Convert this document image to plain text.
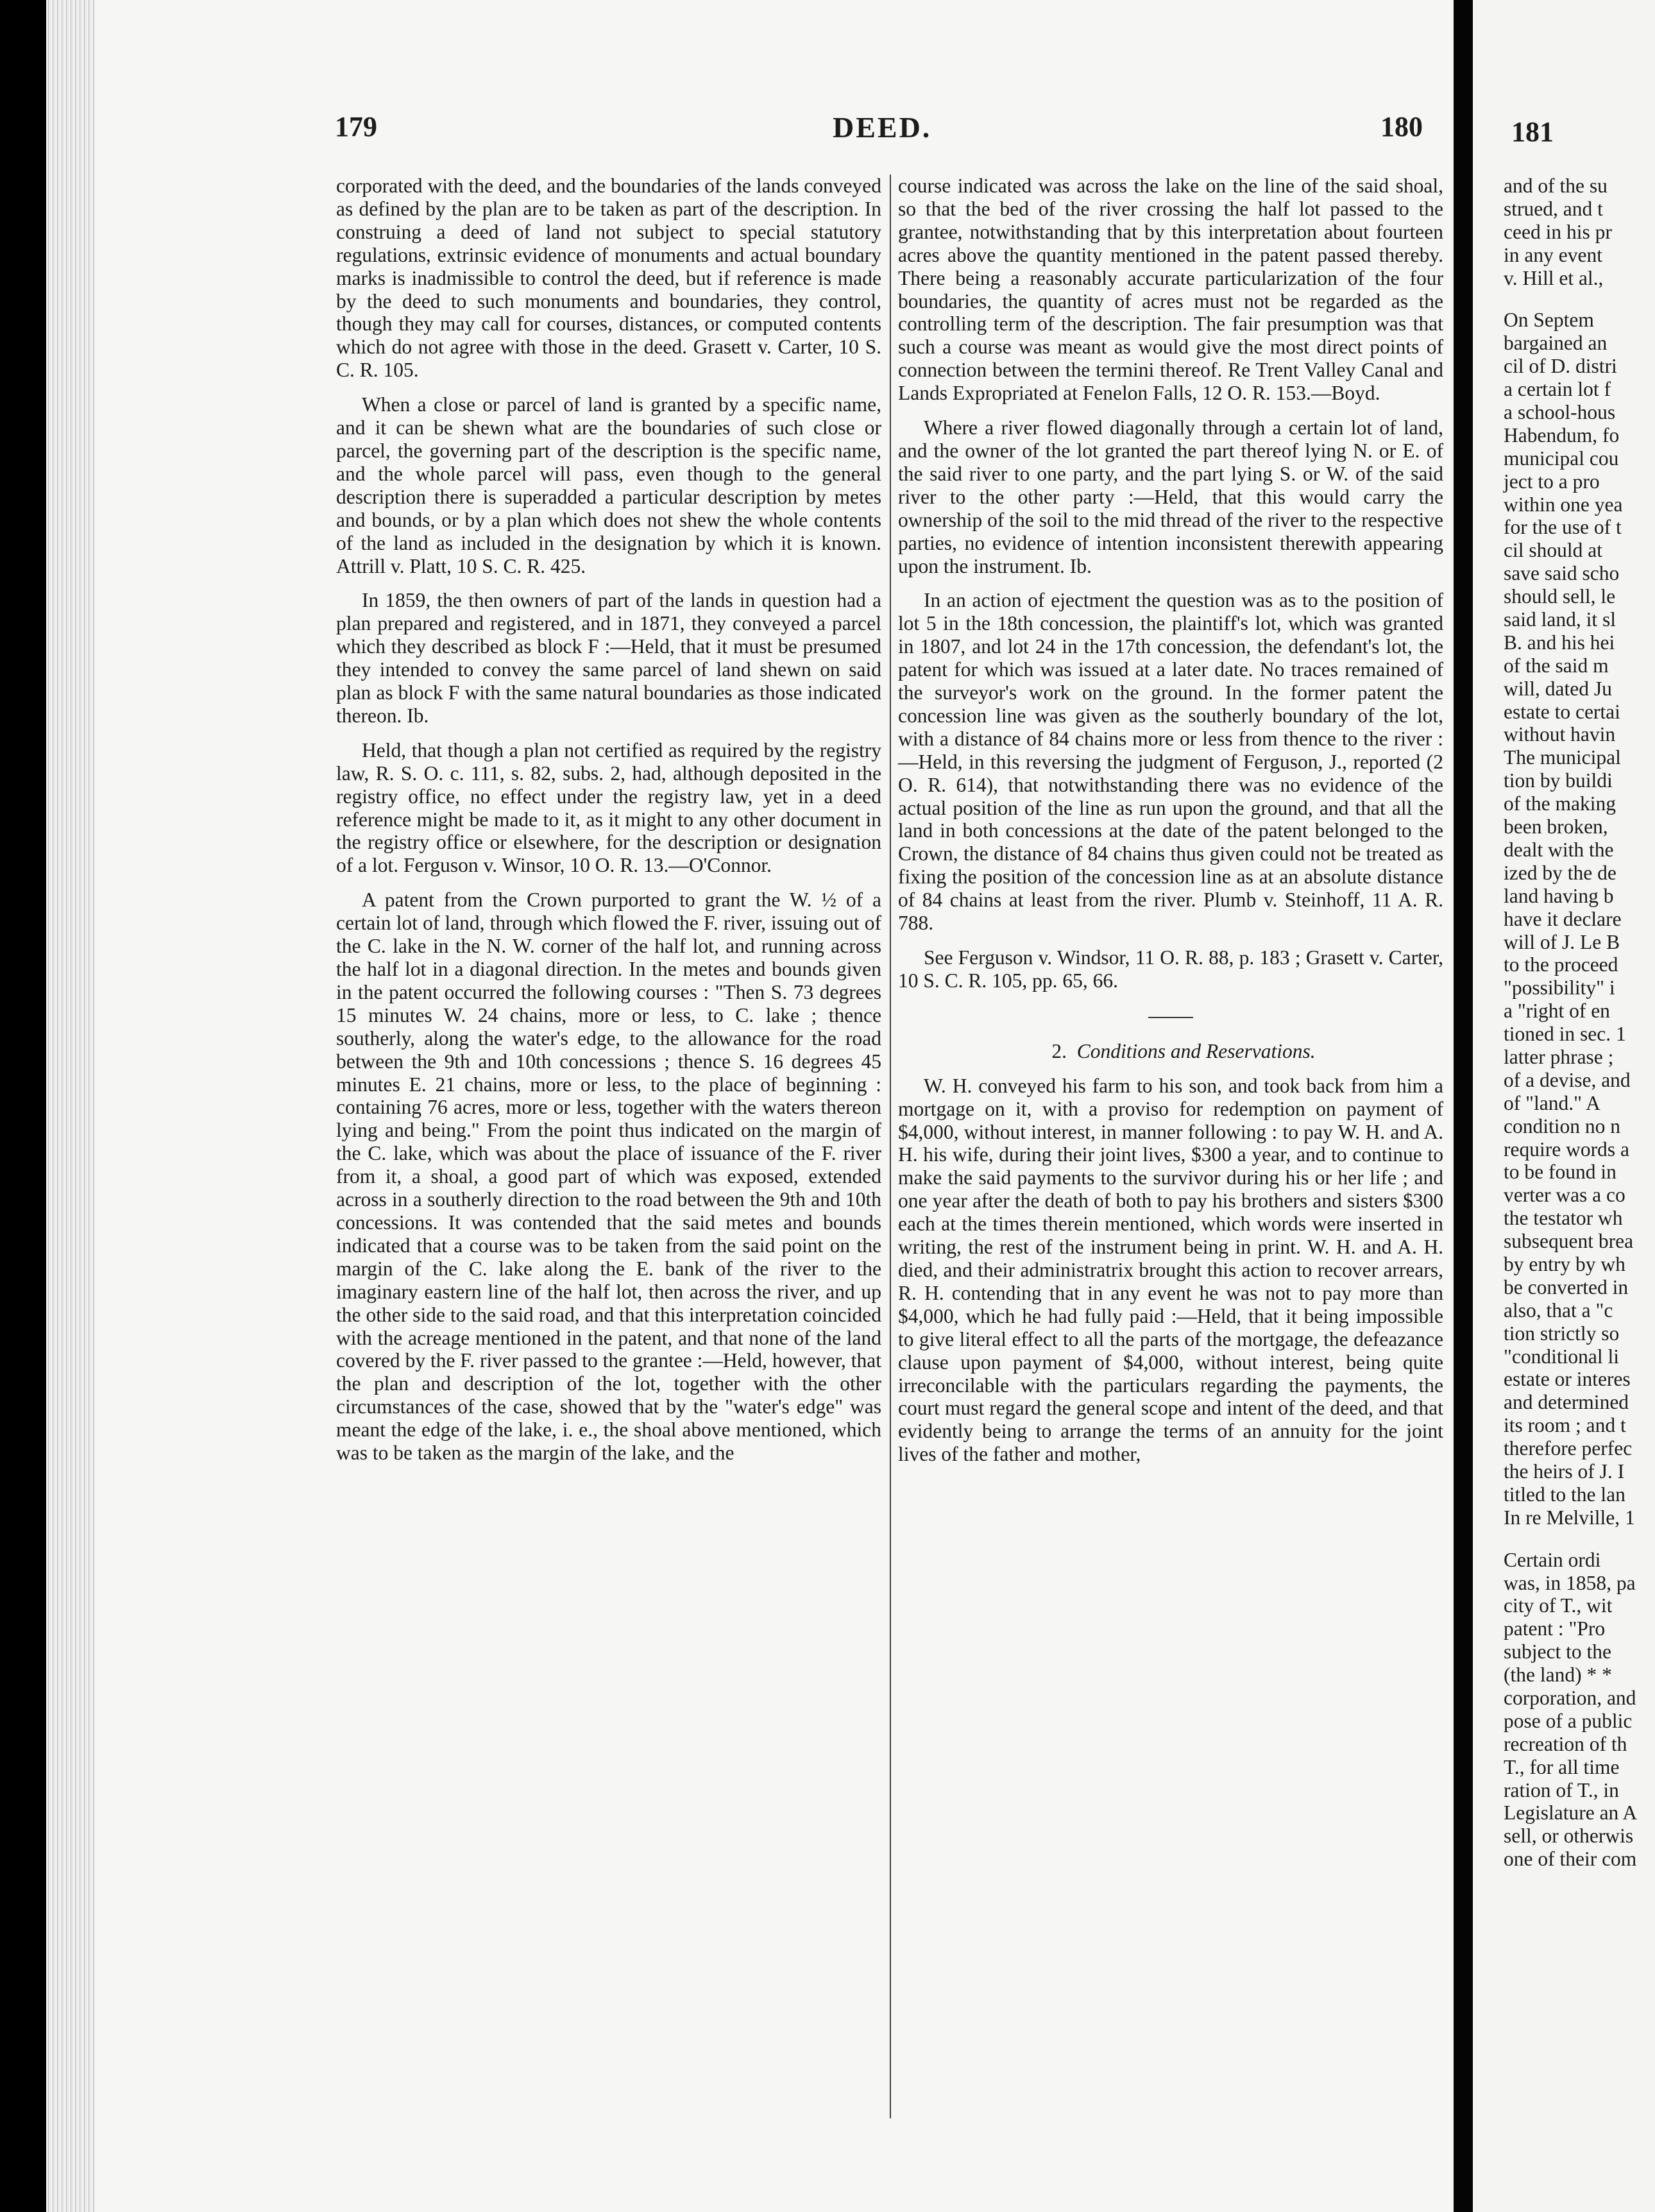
179	DEED.	180

corporated with the deed, and the boundaries of the lands conveyed as defined by the plan are to be taken as part of the description. In construing a deed of land not subject to special statutory regulations, extrinsic evidence of monuments and actual boundary marks is inadmissible to control the deed, but if reference is made by the deed to such monuments and boundaries, they control, though they may call for courses, distances, or computed contents which do not agree with those in the deed. Grasett v. Carter, 10 S. C. R. 105.

When a close or parcel of land is granted by a specific name, and it can be shewn what are the boundaries of such close or parcel, the governing part of the description is the specific name, and the whole parcel will pass, even though to the general description there is superadded a particular description by metes and bounds, or by a plan which does not shew the whole contents of the land as included in the designation by which it is known. Attrill v. Platt, 10 S. C. R. 425.

In 1859, the then owners of part of the lands in question had a plan prepared and registered, and in 1871, they conveyed a parcel which they described as block F :—Held, that it must be presumed they intended to convey the same parcel of land shewn on said plan as block F with the same natural boundaries as those indicated thereon. Ib.

Held, that though a plan not certified as required by the registry law, R. S. O. c. 111, s. 82, subs. 2, had, although deposited in the registry office, no effect under the registry law, yet in a deed reference might be made to it, as it might to any other document in the registry office or elsewhere, for the description or designation of a lot. Ferguson v. Winsor, 10 O. R. 13.—O'Connor.

A patent from the Crown purported to grant the W. ½ of a certain lot of land, through which flowed the F. river, issuing out of the C. lake in the N. W. corner of the half lot, and running across the half lot in a diagonal direction. In the metes and bounds given in the patent occurred the following courses : "Then S. 73 degrees 15 minutes W. 24 chains, more or less, to C. lake ; thence southerly, along the water's edge, to the allowance for the road between the 9th and 10th concessions ; thence S. 16 degrees 45 minutes E. 21 chains, more or less, to the place of beginning : containing 76 acres, more or less, together with the waters thereon lying and being." From the point thus indicated on the margin of the C. lake, which was about the place of issuance of the F. river from it, a shoal, a good part of which was exposed, extended across in a southerly direction to the road between the 9th and 10th concessions. It was contended that the said metes and bounds indicated that a course was to be taken from the said point on the margin of the C. lake along the E. bank of the river to the imaginary eastern line of the half lot, then across the river, and up the other side to the said road, and that this interpretation coincided with the acreage mentioned in the patent, and that none of the land covered by the F. river passed to the grantee :—Held, however, that the plan and description of the lot, together with the other circumstances of the case, showed that by the "water's edge" was meant the edge of the lake, i. e., the shoal above mentioned, which was to be taken as the margin of the lake, and the

course indicated was across the lake on the line of the said shoal, so that the bed of the river crossing the half lot passed to the grantee, notwithstanding that by this interpretation about fourteen acres above the quantity mentioned in the patent passed thereby. There being a reasonably accurate particularization of the four boundaries, the quantity of acres must not be regarded as the controlling term of the description. The fair presumption was that such a course was meant as would give the most direct points of connection between the termini thereof. Re Trent Valley Canal and Lands Expropriated at Fenelon Falls, 12 O. R. 153.—Boyd.

Where a river flowed diagonally through a certain lot of land, and the owner of the lot granted the part thereof lying N. or E. of the said river to one party, and the part lying S. or W. of the said river to the other party :—Held, that this would carry the ownership of the soil to the mid thread of the river to the respective parties, no evidence of intention inconsistent therewith appearing upon the instrument. Ib.

In an action of ejectment the question was as to the position of lot 5 in the 18th concession, the plaintiff's lot, which was granted in 1807, and lot 24 in the 17th concession, the defendant's lot, the patent for which was issued at a later date. No traces remained of the surveyor's work on the ground. In the former patent the concession line was given as the southerly boundary of the lot, with a distance of 84 chains more or less from thence to the river :—Held, in this reversing the judgment of Ferguson, J., reported (2 O. R. 614), that notwithstanding there was no evidence of the actual position of the line as run upon the ground, and that all the land in both concessions at the date of the patent belonged to the Crown, the distance of 84 chains thus given could not be treated as fixing the position of the concession line as at an absolute distance of 84 chains at least from the river. Plumb v. Steinhoff, 11 A. R. 788.

See Ferguson v. Windsor, 11 O. R. 88, p. 183 ; Grasett v. Carter, 10 S. C. R. 105, pp. 65, 66.

2. Conditions and Reservations.

W. H. conveyed his farm to his son, and took back from him a mortgage on it, with a proviso for redemption on payment of $4,000, without interest, in manner following : to pay W. H. and A. H. his wife, during their joint lives, $300 a year, and to continue to make the said payments to the survivor during his or her life ; and one year after the death of both to pay his brothers and sisters $300 each at the times therein mentioned, which words were inserted in writing, the rest of the instrument being in print. W. H. and A. H. died, and their administratrix brought this action to recover arrears, R. H. contending that in any event he was not to pay more than $4,000, which he had fully paid :—Held, that it being impossible to give literal effect to all the parts of the mortgage, the defeazance clause upon payment of $4,000, without interest, being quite irreconcilable with the particulars regarding the payments, the court must regard the general scope and intent of the deed, and that evidently being to arrange the terms of an annuity for the joint lives of the father and mother,

181
and of the su
strued, and t
ceed in his pr
in any event
v. Hill et al.,
On Septem
bargained an
cil of D. distri
a certain lot f
a school-hous
Habendum, fo
municipal cou
ject to a pro
within one yea
for the use of t
cil should at
save said scho
should sell, le
said land, it sl
B. and his hei
of the said m
will, dated Ju
estate to certai
without havin
The municipal
tion by buildi
of the making
been broken,
dealt with the
ized by the de
land having b
have it declare
will of J. Le B
to the proceed
"possibility" i
a "right of en
tioned in sec. 1
latter phrase ;
of a devise, and
of "land." A
condition no n
require words a
to be found in
verter was a co
the testator wh
subsequent brea
by entry by wh
be converted in
also, that a "c
tion strictly so
"conditional li
estate or interes
and determined
its room ; and t
therefore perfec
the heirs of J. I
titled to the lan
In re Melville, 1
Certain ordi
was, in 1858, pa
city of T., wit
patent : "Pro
subject to the
(the land) * *
corporation, and
pose of a public
recreation of th
T., for all time
ration of T., in
Legislature an A
sell, or otherwis
one of their com
